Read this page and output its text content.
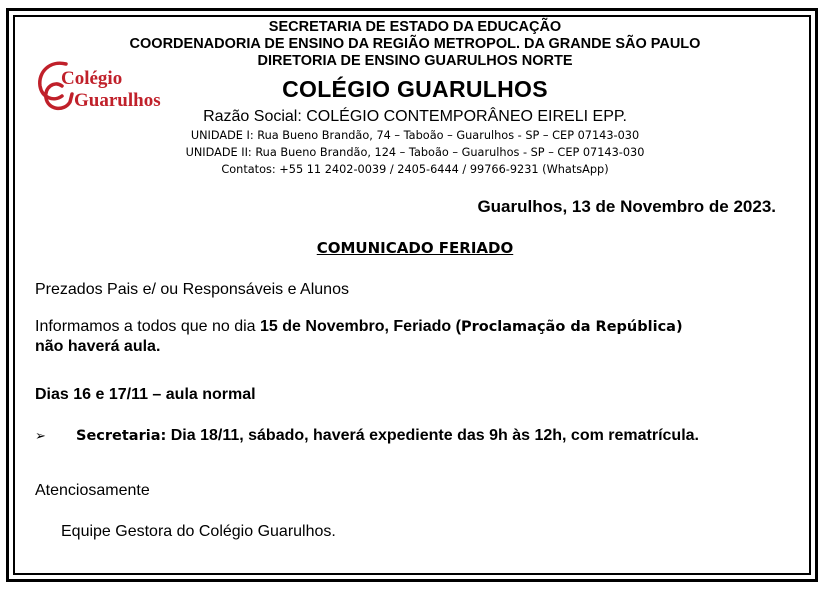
SECRETARIA DE ESTADO DA EDUCAÇÃO
COORDENADORIA DE ENSINO DA REGIÃO METROPOL. DA GRANDE SÃO PAULO
DIRETORIA DE ENSINO GUARULHOS NORTE
COLÉGIO GUARULHOS
Razão Social: COLÉGIO CONTEMPORÂNEO EIRELI EPP.
UNIDADE I: Rua Bueno Brandão, 74 – Taboão – Guarulhos - SP – CEP 07143-030
UNIDADE II: Rua Bueno Brandão, 124 – Taboão – Guarulhos - SP – CEP 07143-030
Contatos: +55 11 2402-0039 / 2405-6444 / 99766-9231 (WhatsApp)
Colégio
Guarulhos
Guarulhos, 13 de Novembro de 2023.
COMUNICADO FERIADO
Prezados Pais e/ ou Responsáveis e Alunos
Informamos a todos que no dia 15 de Novembro, Feriado (Proclamação da República)
não haverá aula.
Dias 16 e 17/11 – aula normal
➢ Secretaria: Dia 18/11, sábado, haverá expediente das 9h às 12h, com rematrícula.
Atenciosamente
Equipe Gestora do Colégio Guarulhos.
